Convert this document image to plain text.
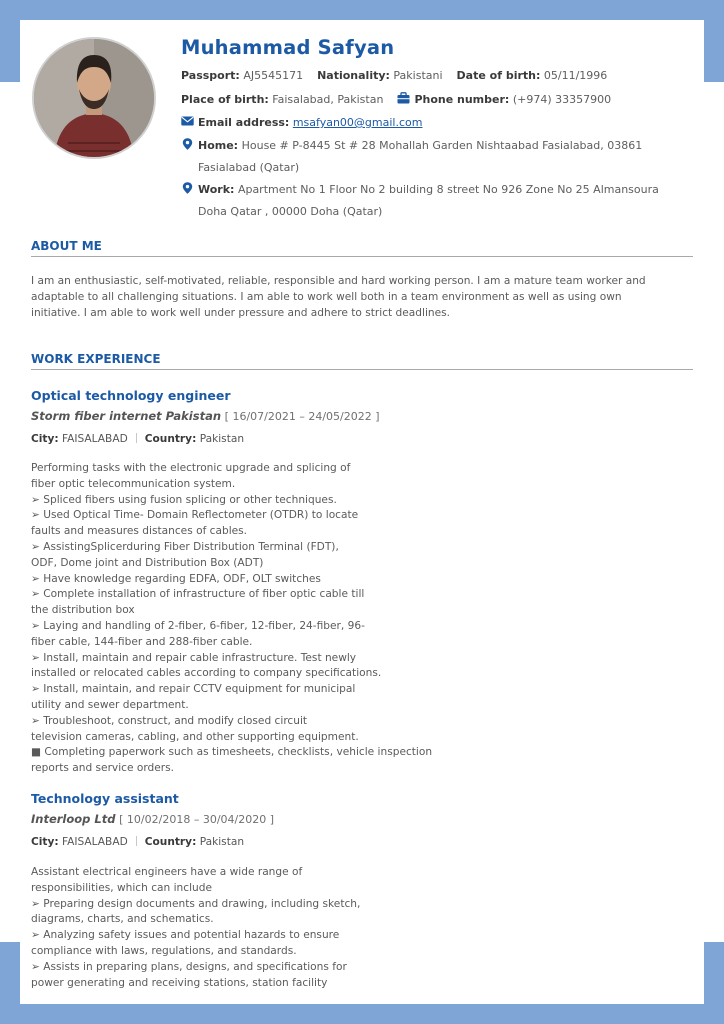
Muhammad Safyan
Passport: AJ5545171 Nationality: Pakistani Date of birth: 05/11/1996
Place of birth: Faisalabad, Pakistan	Phone number: (+974) 33357900
Email address: msafyan00@gmail.com
Home: House # P-8445 St # 28 Mohallah Garden Nishtaabad Fasialabad, 03861
Fasialabad (Qatar)
Work: Apartment No 1 Floor No 2 building 8 street No 926 Zone No 25 Almansoura
Doha Qatar , 00000 Doha (Qatar)
ABOUT ME
I am an enthusiastic, self-motivated, reliable, responsible and hard working person. I am a mature team worker and
adaptable to all challenging situations. I am able to work well both in a team environment as well as using own
initiative. I am able to work well under pressure and adhere to strict deadlines.
WORK EXPERIENCE
Optical technology engineer
Storm fiber internet Pakistan [ 16/07/2021 – 24/05/2022 ]
City: FAISALABAD Country: Pakistan
Performing tasks with the electronic upgrade and splicing of
fiber optic telecommunication system.
➢ Spliced fibers using fusion splicing or other techniques.
➢ Used Optical Time- Domain Reflectometer (OTDR) to locate
faults and measures distances of cables.
➢ AssistingSplicerduring Fiber Distribution Terminal (FDT),
ODF, Dome joint and Distribution Box (ADT)
➢ Have knowledge regarding EDFA, ODF, OLT switches
➢ Complete installation of infrastructure of fiber optic cable till
the distribution box
➢ Laying and handling of 2-fiber, 6-fiber, 12-fiber, 24-fiber, 96-
fiber cable, 144-fiber and 288-fiber cable.
➢ Install, maintain and repair cable infrastructure. Test newly
installed or relocated cables according to company specifications.
➢ Install, maintain, and repair CCTV equipment for municipal
utility and sewer department.
➢ Troubleshoot, construct, and modify closed circuit
television cameras, cabling, and other supporting equipment.
■ Completing paperwork such as timesheets, checklists, vehicle inspection
reports and service orders.
Technology assistant
Interloop Ltd [ 10/02/2018 – 30/04/2020 ]
City: FAISALABAD Country: Pakistan
Assistant electrical engineers have a wide range of
responsibilities, which can include
➢ Preparing design documents and drawing, including sketch,
diagrams, charts, and schematics.
➢ Analyzing safety issues and potential hazards to ensure
compliance with laws, regulations, and standards.
➢ Assists in preparing plans, designs, and specifications for
power generating and receiving stations, station facility
